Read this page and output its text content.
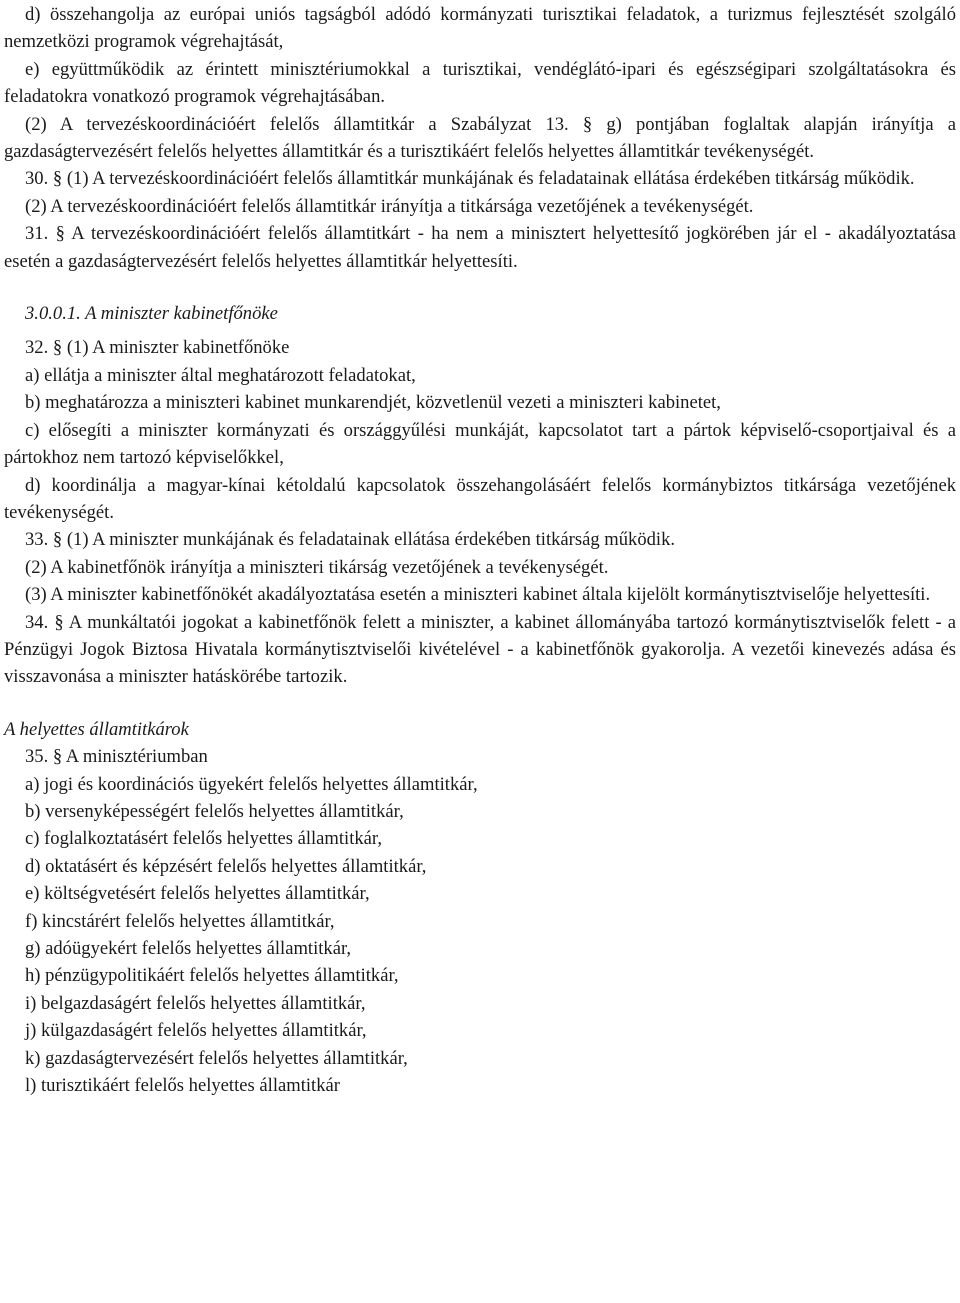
d) összehangolja az európai uniós tagságból adódó kormányzati turisztikai feladatok, a turizmus fejlesztését szolgáló nemzetközi programok végrehajtását,

e) együttműködik az érintett minisztériumokkal a turisztikai, vendéglátó-ipari és egészségipari szolgáltatásokra és feladatokra vonatkozó programok végrehajtásában.

(2) A tervezéskoordinációért felelős államtitkár a Szabályzat 13. § g) pontjában foglaltak alapján irányítja a gazdaságtervezésért felelős helyettes államtitkár és a turisztikáért felelős helyettes államtitkár tevékenységét.

30. § (1) A tervezéskoordinációért felelős államtitkár munkájának és feladatainak ellátása érdekében titkárság működik.

(2) A tervezéskoordinációért felelős államtitkár irányítja a titkársága vezetőjének a tevékenységét.

31. § A tervezéskoordinációért felelős államtitkárt - ha nem a minisztert helyettesítő jogkörében jár el - akadályoztatása esetén a gazdaságtervezésért felelős helyettes államtitkár helyettesíti.

3.0.0.1. A miniszter kabinetfőnöke

32. § (1) A miniszter kabinetfőnöke

a) ellátja a miniszter által meghatározott feladatokat,

b) meghatározza a miniszteri kabinet munkarendjét, közvetlenül vezeti a miniszteri kabinetet,

c) elősegíti a miniszter kormányzati és országgyűlési munkáját, kapcsolatot tart a pártok képviselő-csoportjaival és a pártokhoz nem tartozó képviselőkkel,

d) koordinálja a magyar-kínai kétoldalú kapcsolatok összehangolásáért felelős kormánybiztos titkársága vezetőjének tevékenységét.

33. § (1) A miniszter munkájának és feladatainak ellátása érdekében titkárság működik.

(2) A kabinetfőnök irányítja a miniszteri tikárság vezetőjének a tevékenységét.

(3) A miniszter kabinetfőnökét akadályoztatása esetén a miniszteri kabinet általa kijelölt kormánytisztviselője helyettesíti.

34. § A munkáltatói jogokat a kabinetfőnök felett a miniszter, a kabinet állományába tartozó kormánytisztviselők felett - a Pénzügyi Jogok Biztosa Hivatala kormánytisztviselői kivételével - a kabinetfőnök gyakorolja. A vezetői kinevezés adása és visszavonása a miniszter hatáskörébe tartozik.

A helyettes államtitkárok

35. § A minisztériumban

a) jogi és koordinációs ügyekért felelős helyettes államtitkár,

b) versenyképességért felelős helyettes államtitkár,

c) foglalkoztatásért felelős helyettes államtitkár,

d) oktatásért és képzésért felelős helyettes államtitkár,

e) költségvetésért felelős helyettes államtitkár,

f) kincstárért felelős helyettes államtitkár,

g) adóügyekért felelős helyettes államtitkár,

h) pénzügypolitikáért felelős helyettes államtitkár,

i) belgazdaságért felelős helyettes államtitkár,

j) külgazdaságért felelős helyettes államtitkár,

k) gazdaságtervezésért felelős helyettes államtitkár,

l) turisztikáért felelős helyettes államtitkár
